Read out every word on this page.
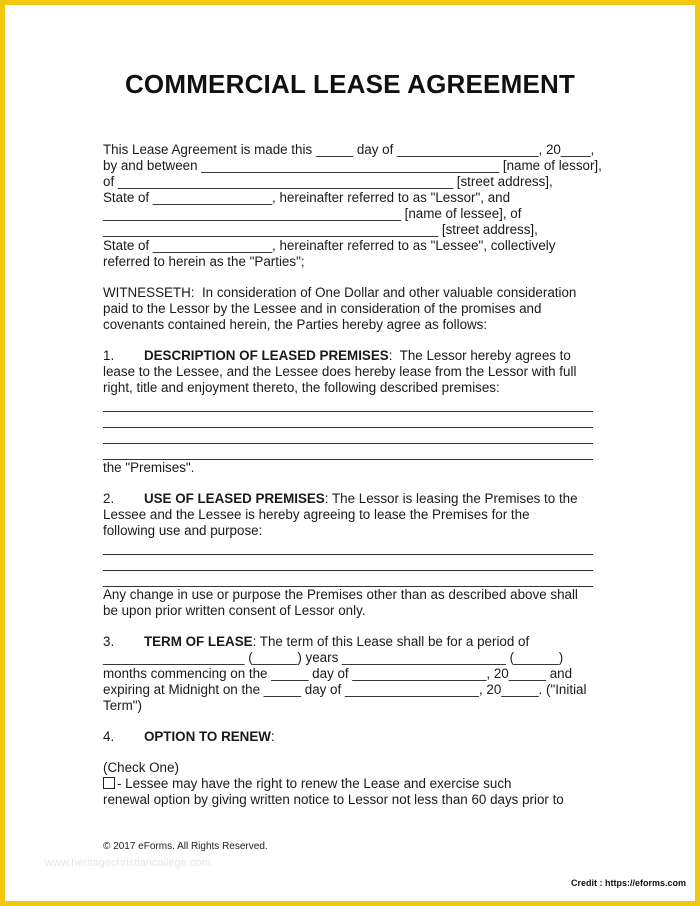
COMMERCIAL LEASE AGREEMENT

This Lease Agreement is made this _____ day of ___________________, 20____,

by and between ________________________________________ [name of lessor],

of _____________________________________________ [street address],

State of ________________, hereinafter referred to as "Lessor", and

________________________________________ [name of lessee], of

_____________________________________________ [street address],

State of ________________, hereinafter referred to as "Lessee", collectively

referred to herein as the "Parties";

WITNESSETH:  In consideration of One Dollar and other valuable consideration

paid to the Lessor by the Lessee and in consideration of the promises and

covenants contained herein, the Parties hereby agree as follows:

1. DESCRIPTION OF LEASED PREMISES:  The Lessor hereby agrees to

lease to the Lessee, and the Lessee does hereby lease from the Lessor with full

right, title and enjoyment thereto, the following described premises:

the "Premises".

2. USE OF LEASED PREMISES: The Lessor is leasing the Premises to the

Lessee and the Lessee is hereby agreeing to lease the Premises for the

following use and purpose:

Any change in use or purpose the Premises other than as described above shall

be upon prior written consent of Lessor only.

3. TERM OF LEASE: The term of this Lease shall be for a period of

___________________ (______) years ______________________ (______)

months commencing on the _____ day of __________________, 20_____ and

expiring at Midnight on the _____ day of __________________, 20_____. ("Initial

Term")

4. OPTION TO RENEW:

(Check One)

- Lessee may have the right to renew the Lease and exercise such

renewal option by giving written notice to Lessor not less than 60 days prior to

© 2017 eForms. All Rights Reserved.
www.heritagechristiancollege.com
Credit : https://eforms.com
